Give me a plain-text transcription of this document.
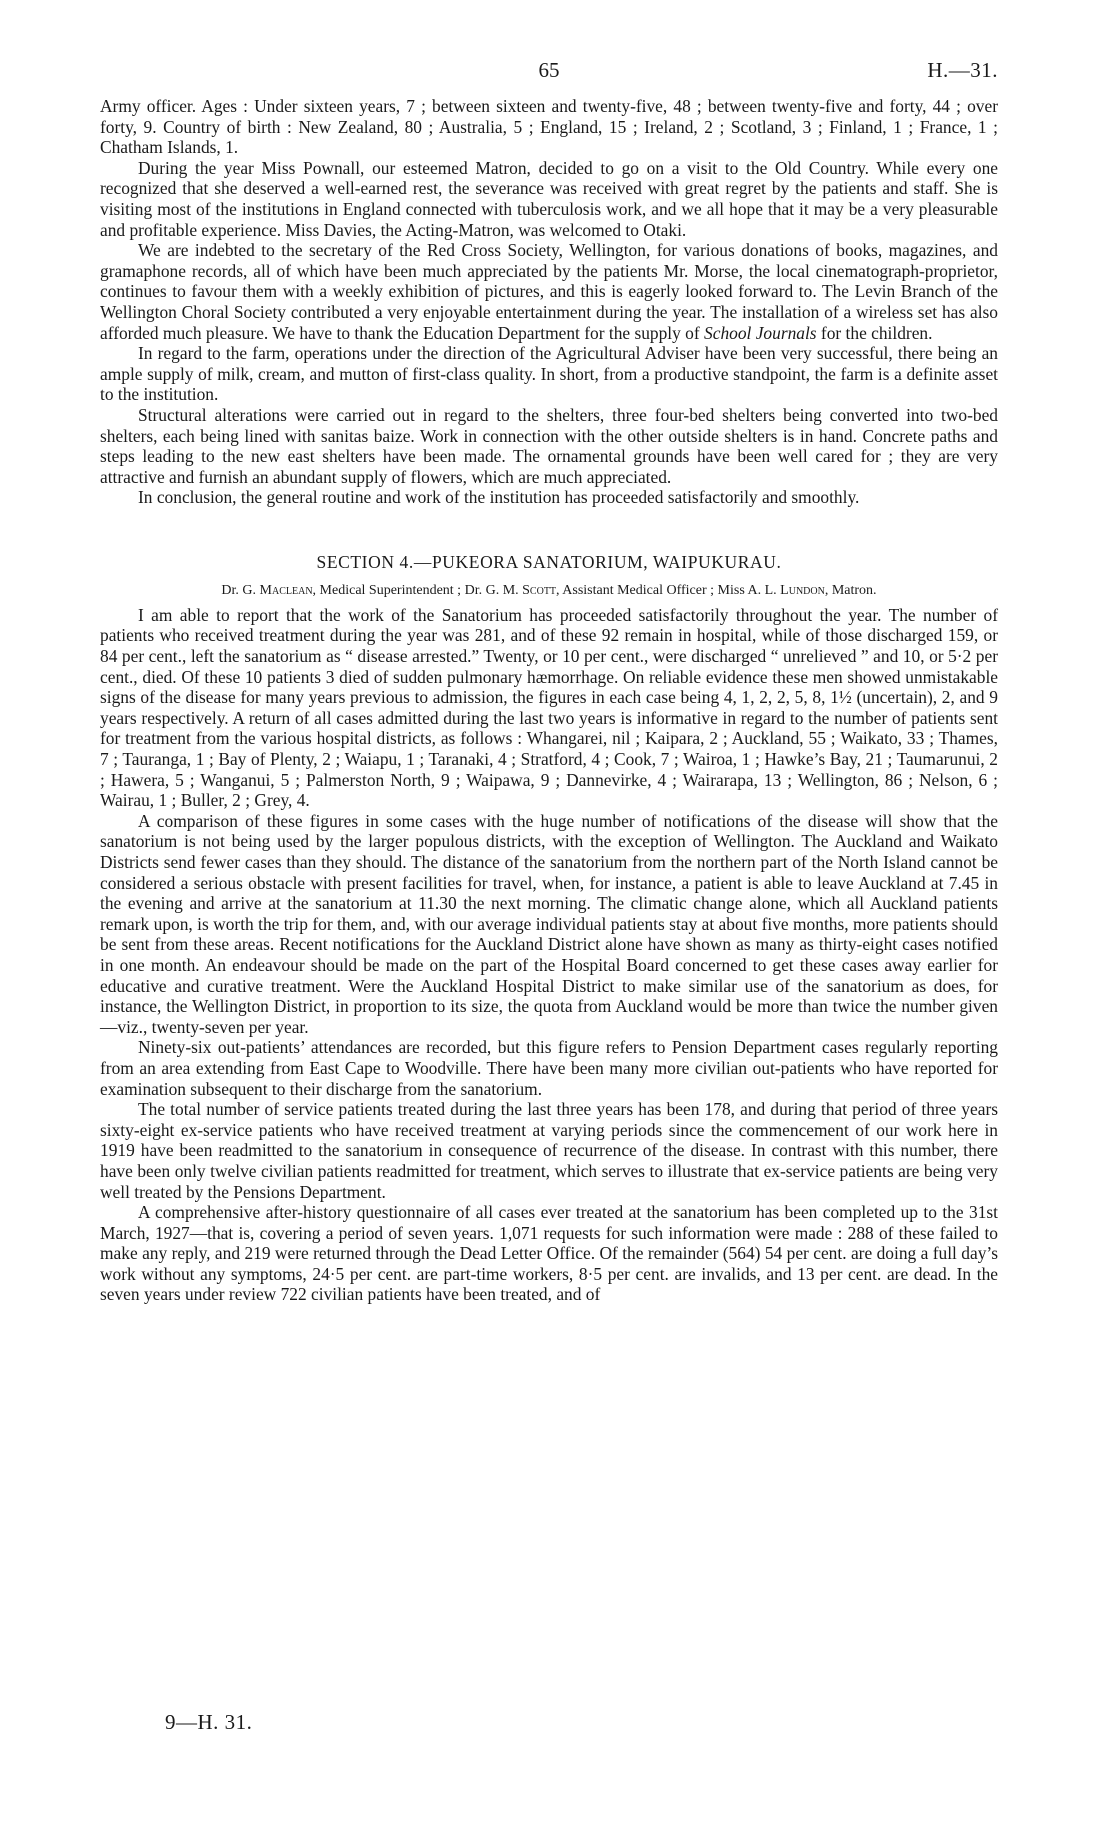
65	H.—31.

Army officer. Ages : Under sixteen years, 7 ; between sixteen and twenty-five, 48 ; between twenty-five and forty, 44 ; over forty, 9. Country of birth : New Zealand, 80 ; Australia, 5 ; England, 15 ; Ireland, 2 ; Scotland, 3 ; Finland, 1 ; France, 1 ; Chatham Islands, 1.

During the year Miss Pownall, our esteemed Matron, decided to go on a visit to the Old Country. While every one recognized that she deserved a well-earned rest, the severance was received with great regret by the patients and staff. She is visiting most of the institutions in England connected with tuberculosis work, and we all hope that it may be a very pleasurable and profitable experience. Miss Davies, the Acting-Matron, was welcomed to Otaki.

We are indebted to the secretary of the Red Cross Society, Wellington, for various donations of books, magazines, and gramaphone records, all of which have been much appreciated by the patients Mr. Morse, the local cinematograph-proprietor, continues to favour them with a weekly exhibition of pictures, and this is eagerly looked forward to. The Levin Branch of the Wellington Choral Society contributed a very enjoyable entertainment during the year. The installation of a wireless set has also afforded much pleasure. We have to thank the Education Department for the supply of School Journals for the children.

In regard to the farm, operations under the direction of the Agricultural Adviser have been very successful, there being an ample supply of milk, cream, and mutton of first-class quality. In short, from a productive standpoint, the farm is a definite asset to the institution.

Structural alterations were carried out in regard to the shelters, three four-bed shelters being converted into two-bed shelters, each being lined with sanitas baize. Work in connection with the other outside shelters is in hand. Concrete paths and steps leading to the new east shelters have been made. The ornamental grounds have been well cared for ; they are very attractive and furnish an abundant supply of flowers, which are much appreciated.

In conclusion, the general routine and work of the institution has proceeded satisfactorily and smoothly.

SECTION 4.—PUKEORA SANATORIUM, WAIPUKURAU.
Dr. G. Maclean, Medical Superintendent ; Dr. G. M. Scott, Assistant Medical Officer ; Miss A. L. Lundon, Matron.

I am able to report that the work of the Sanatorium has proceeded satisfactorily throughout the year. The number of patients who received treatment during the year was 281, and of these 92 remain in hospital, while of those discharged 159, or 84 per cent., left the sanatorium as “ disease arrested.” Twenty, or 10 per cent., were discharged “ unrelieved ” and 10, or 5·2 per cent., died. Of these 10 patients 3 died of sudden pulmonary hæmorrhage. On reliable evidence these men showed unmistakable signs of the disease for many years previous to admission, the figures in each case being 4, 1, 2, 2, 5, 8, 1½ (uncertain), 2, and 9 years respectively. A return of all cases admitted during the last two years is informative in regard to the number of patients sent for treatment from the various hospital districts, as follows : Whangarei, nil ; Kaipara, 2 ; Auckland, 55 ; Waikato, 33 ; Thames, 7 ; Tauranga, 1 ; Bay of Plenty, 2 ; Waiapu, 1 ; Taranaki, 4 ; Stratford, 4 ; Cook, 7 ; Wairoa, 1 ; Hawke’s Bay, 21 ; Taumarunui, 2 ; Hawera, 5 ; Wanganui, 5 ; Palmerston North, 9 ; Waipawa, 9 ; Dannevirke, 4 ; Wairarapa, 13 ; Wellington, 86 ; Nelson, 6 ; Wairau, 1 ; Buller, 2 ; Grey, 4.

A comparison of these figures in some cases with the huge number of notifications of the disease will show that the sanatorium is not being used by the larger populous districts, with the exception of Wellington. The Auckland and Waikato Districts send fewer cases than they should. The distance of the sanatorium from the northern part of the North Island cannot be considered a serious obstacle with present facilities for travel, when, for instance, a patient is able to leave Auckland at 7.45 in the evening and arrive at the sanatorium at 11.30 the next morning. The climatic change alone, which all Auckland patients remark upon, is worth the trip for them, and, with our average individual patients stay at about five months, more patients should be sent from these areas. Recent notifications for the Auckland District alone have shown as many as thirty-eight cases notified in one month. An endeavour should be made on the part of the Hospital Board concerned to get these cases away earlier for educative and curative treatment. Were the Auckland Hospital District to make similar use of the sanatorium as does, for instance, the Wellington District, in proportion to its size, the quota from Auckland would be more than twice the number given—viz., twenty-seven per year.

Ninety-six out-patients’ attendances are recorded, but this figure refers to Pension Department cases regularly reporting from an area extending from East Cape to Woodville. There have been many more civilian out-patients who have reported for examination subsequent to their discharge from the sanatorium.

The total number of service patients treated during the last three years has been 178, and during that period of three years sixty-eight ex-service patients who have received treatment at varying periods since the commencement of our work here in 1919 have been readmitted to the sanatorium in consequence of recurrence of the disease. In contrast with this number, there have been only twelve civilian patients readmitted for treatment, which serves to illustrate that ex-service patients are being very well treated by the Pensions Department.

A comprehensive after-history questionnaire of all cases ever treated at the sanatorium has been completed up to the 31st March, 1927—that is, covering a period of seven years. 1,071 requests for such information were made : 288 of these failed to make any reply, and 219 were returned through the Dead Letter Office. Of the remainder (564) 54 per cent. are doing a full day’s work without any symptoms, 24·5 per cent. are part-time workers, 8·5 per cent. are invalids, and 13 per cent. are dead. In the seven years under review 722 civilian patients have been treated, and of

9—H. 31.
